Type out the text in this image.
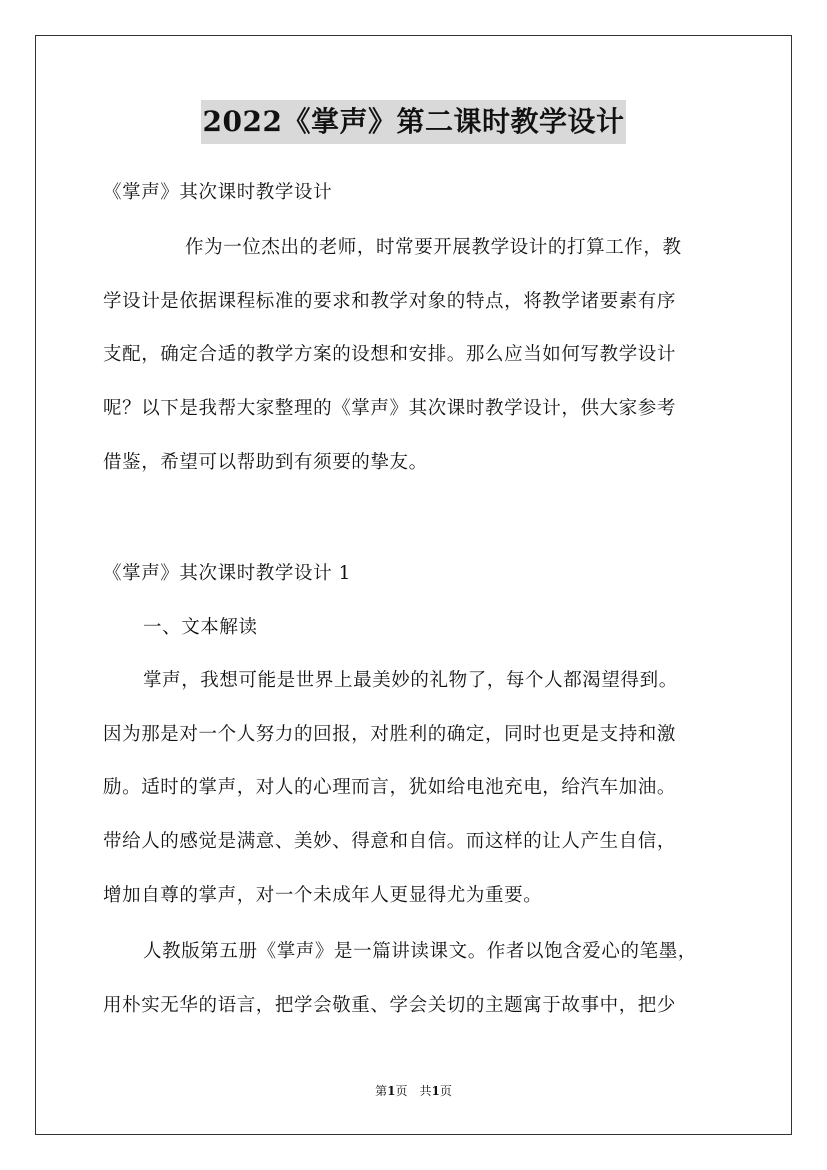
2022《掌声》第二课时教学设计

《掌声》其次课时教学设计

作为一位杰出的老师，时常要开展教学设计的打算工作，教

学设计是依据课程标准的要求和教学对象的特点，将教学诸要素有序

支配，确定合适的教学方案的设想和安排。那么应当如何写教学设计

呢？以下是我帮大家整理的《掌声》其次课时教学设计，供大家参考

借鉴，希望可以帮助到有须要的挚友。

《掌声》其次课时教学设计 1

一、文本解读

掌声，我想可能是世界上最美妙的礼物了，每个人都渴望得到。

因为那是对一个人努力的回报，对胜利的确定，同时也更是支持和激

励。适时的掌声，对人的心理而言，犹如给电池充电，给汽车加油。

带给人的感觉是满意、美妙、得意和自信。而这样的让人产生自信，

增加自尊的掌声，对一个未成年人更显得尤为重要。

人教版第五册《掌声》是一篇讲读课文。作者以饱含爱心的笔墨，

用朴实无华的语言，把学会敬重、学会关切的主题寓于故事中，把少

第1页　共1页
